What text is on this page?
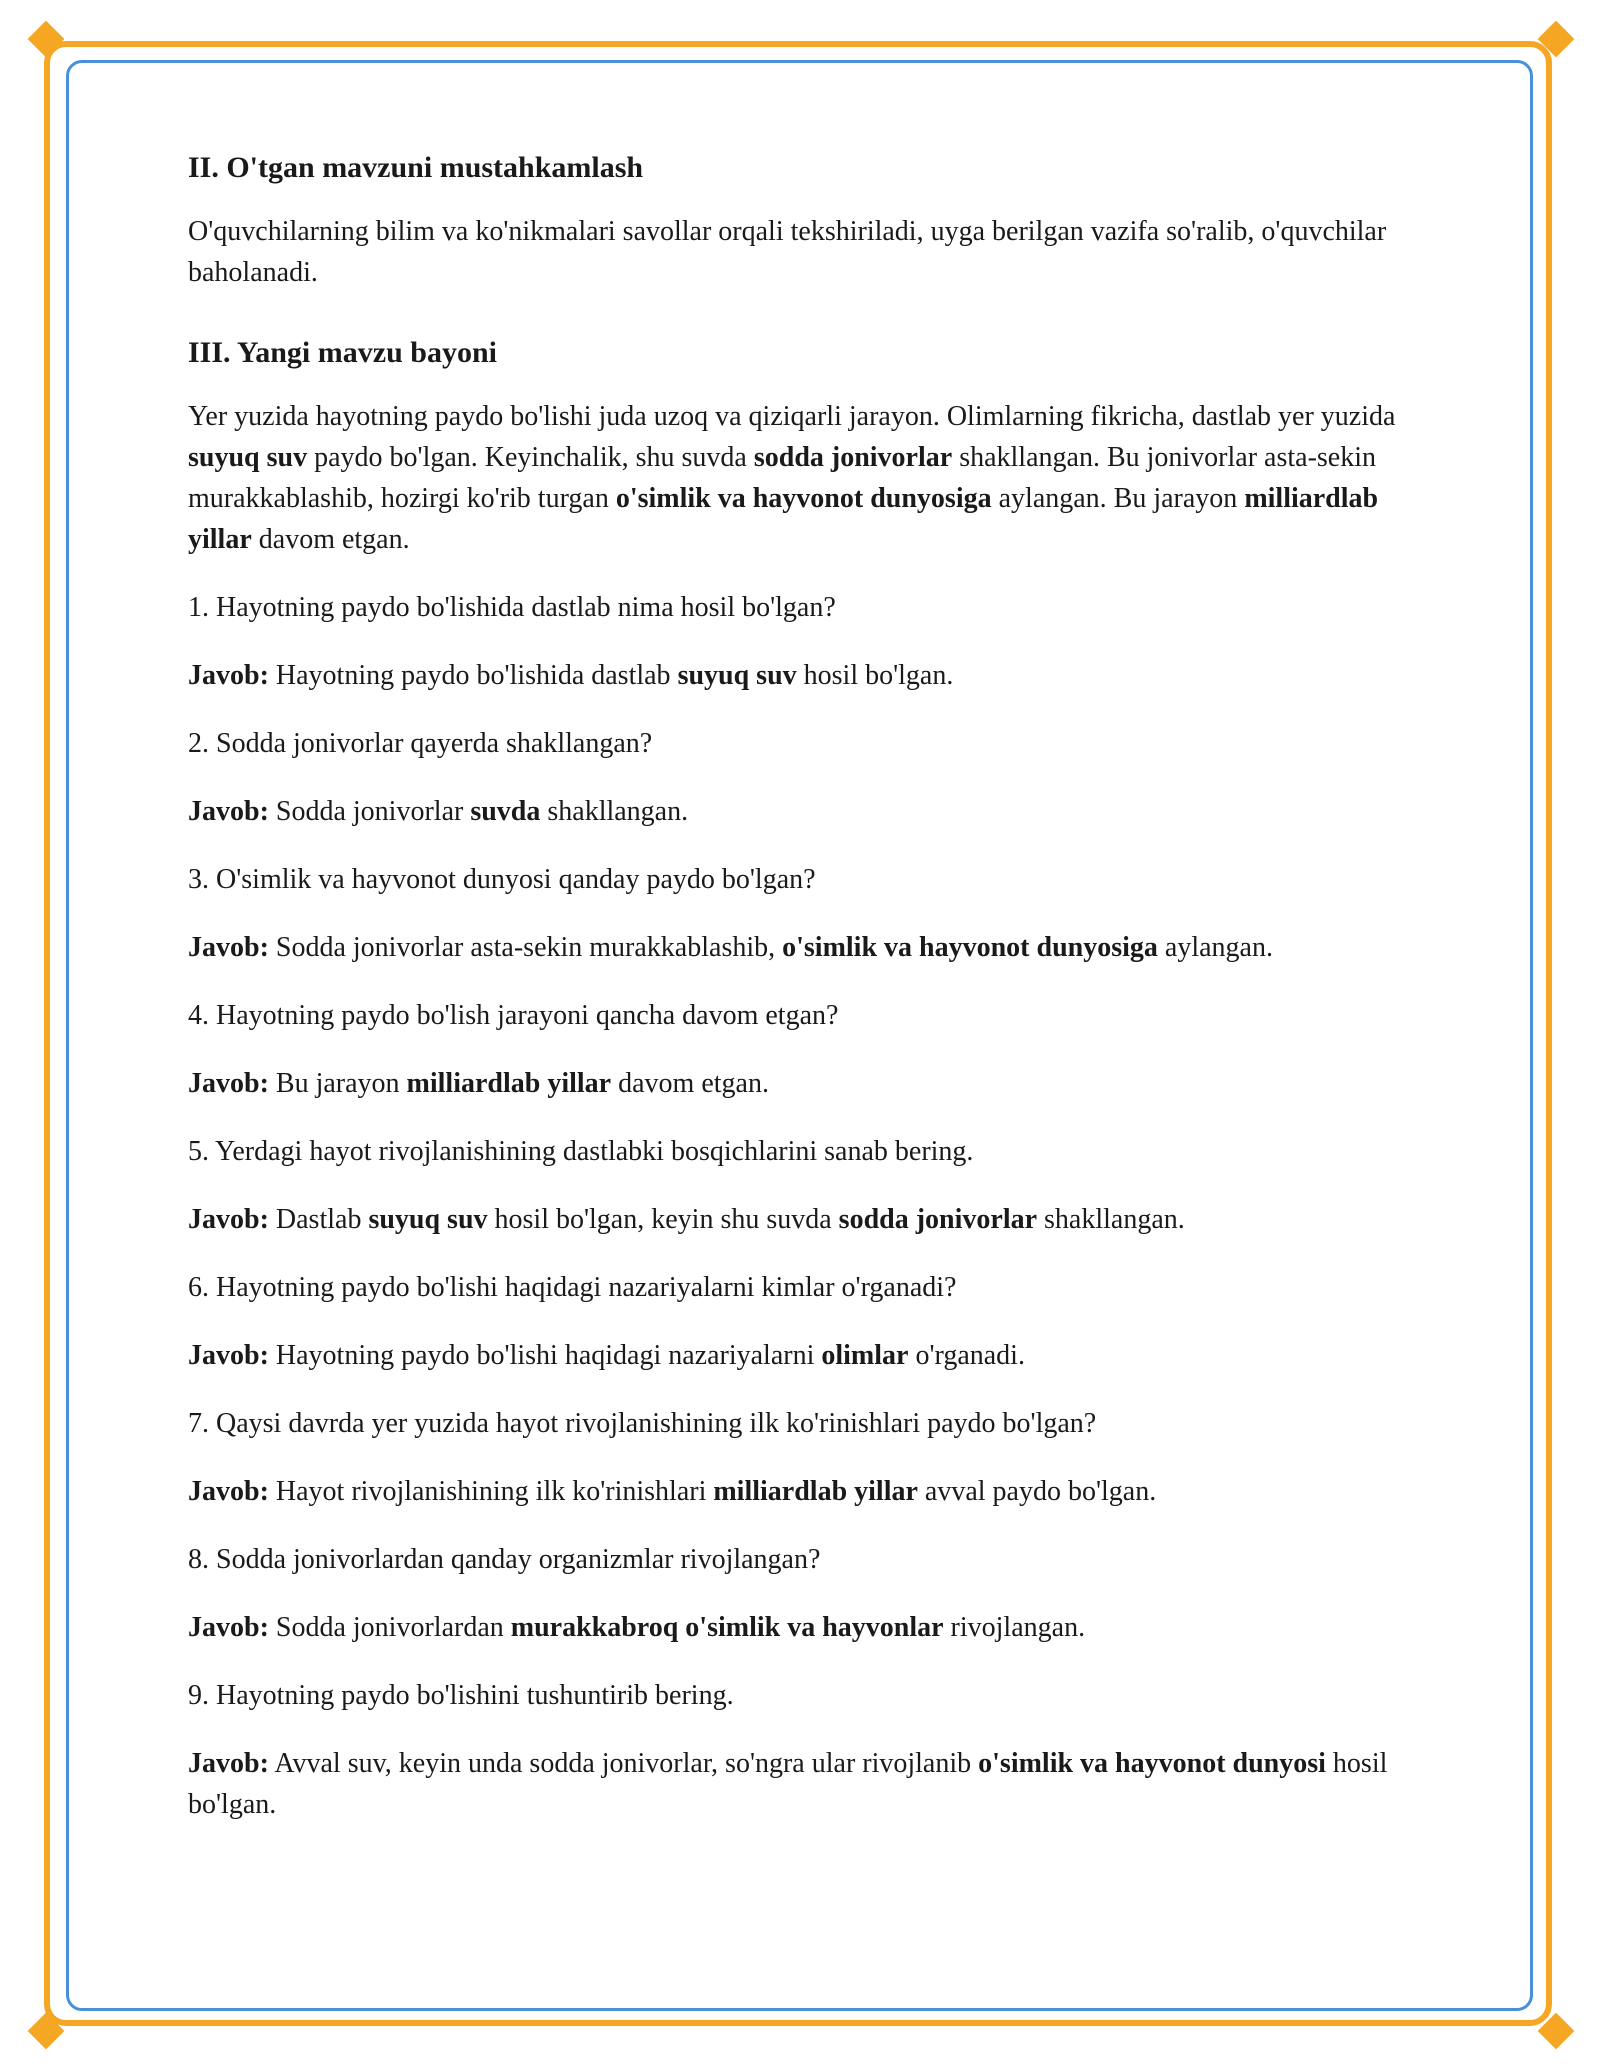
II. O'tgan mavzuni mustahkamlash

O'quvchilarning bilim va ko'nikmalari savollar orqali tekshiriladi, uyga berilgan vazifa so'ralib, o'quvchilar baholanadi.

III. Yangi mavzu bayoni

Yer yuzida hayotning paydo bo'lishi juda uzoq va qiziqarli jarayon. Olimlarning fikricha, dastlab yer yuzida suyuq suv paydo bo'lgan. Keyinchalik, shu suvda sodda jonivorlar shakllangan. Bu jonivorlar asta-sekin murakkablashib, hozirgi ko'rib turgan o'simlik va hayvonot dunyosiga aylangan. Bu jarayon milliardlab yillar davom etgan.

1. Hayotning paydo bo'lishida dastlab nima hosil bo'lgan?

Javob: Hayotning paydo bo'lishida dastlab suyuq suv hosil bo'lgan.

2. Sodda jonivorlar qayerda shakllangan?

Javob: Sodda jonivorlar suvda shakllangan.

3. O'simlik va hayvonot dunyosi qanday paydo bo'lgan?

Javob: Sodda jonivorlar asta-sekin murakkablashib, o'simlik va hayvonot dunyosiga aylangan.

4. Hayotning paydo bo'lish jarayoni qancha davom etgan?

Javob: Bu jarayon milliardlab yillar davom etgan.

5. Yerdagi hayot rivojlanishining dastlabki bosqichlarini sanab bering.

Javob: Dastlab suyuq suv hosil bo'lgan, keyin shu suvda sodda jonivorlar shakllangan.

6. Hayotning paydo bo'lishi haqidagi nazariyalarni kimlar o'rganadi?

Javob: Hayotning paydo bo'lishi haqidagi nazariyalarni olimlar o'rganadi.

7. Qaysi davrda yer yuzida hayot rivojlanishining ilk ko'rinishlari paydo bo'lgan?

Javob: Hayot rivojlanishining ilk ko'rinishlari milliardlab yillar avval paydo bo'lgan.

8. Sodda jonivorlardan qanday organizmlar rivojlangan?

Javob: Sodda jonivorlardan murakkabroq o'simlik va hayvonlar rivojlangan.

9. Hayotning paydo bo'lishini tushuntirib bering.

Javob: Avval suv, keyin unda sodda jonivorlar, so'ngra ular rivojlanib o'simlik va hayvonot dunyosi hosil bo'lgan.
